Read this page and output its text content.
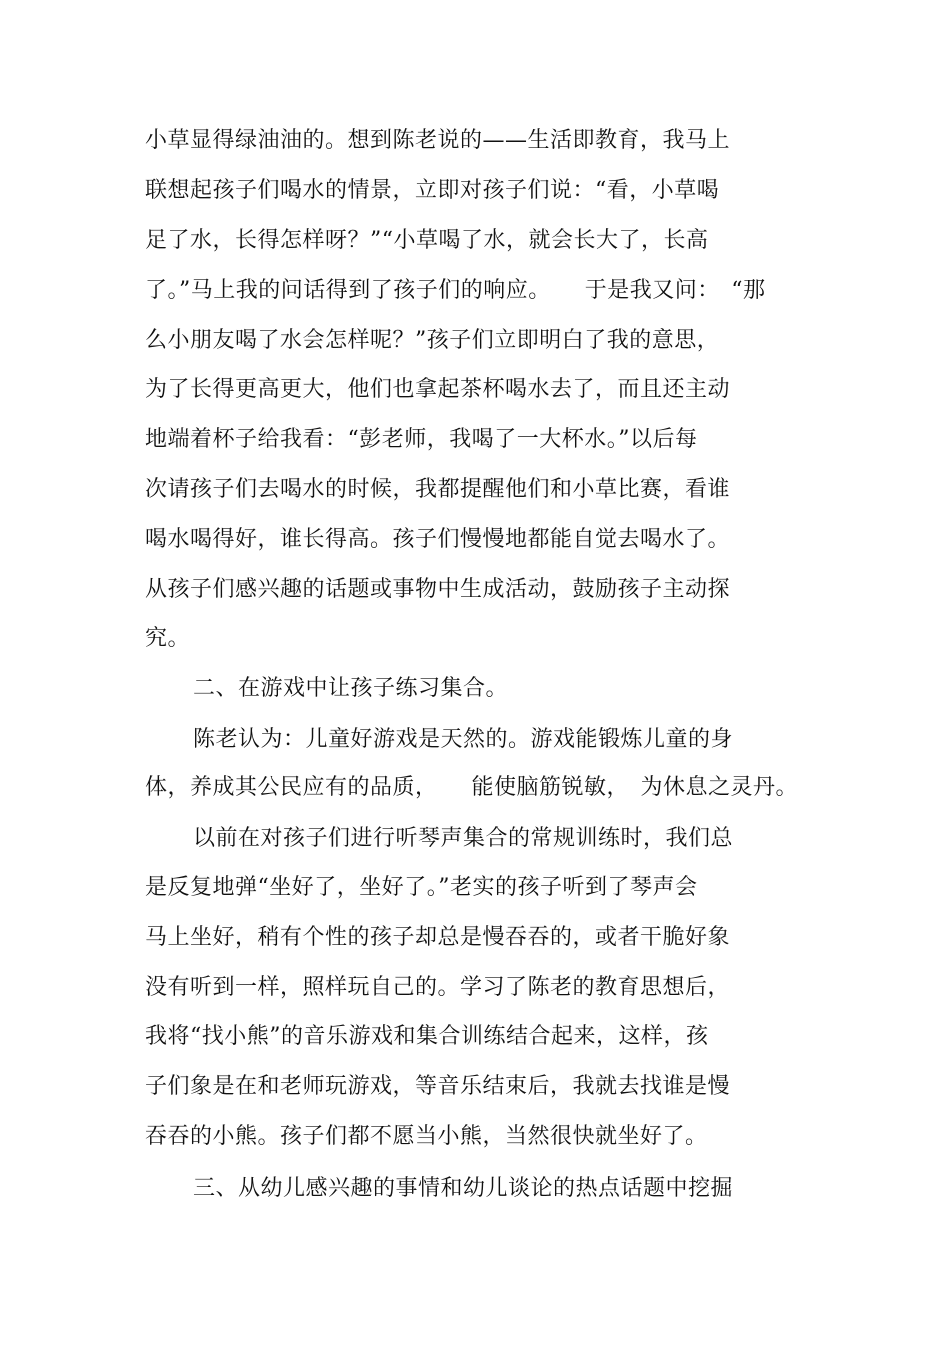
小草显得绿油油的。想到陈老说的——生活即教育，我马上

联想起孩子们喝水的情景，立即对孩子们说：“看，小草喝

足了水，长得怎样呀？”“小草喝了水，就会长大了，长高

了。”马上我的问话得到了孩子们的响应。　　于是我又问：　“那

么小朋友喝了水会怎样呢？”孩子们立即明白了我的意思，

为了长得更高更大，他们也拿起茶杯喝水去了，而且还主动

地端着杯子给我看：“彭老师，我喝了一大杯水。”以后每

次请孩子们去喝水的时候，我都提醒他们和小草比赛，看谁

喝水喝得好，谁长得高。孩子们慢慢地都能自觉去喝水了。

从孩子们感兴趣的话题或事物中生成活动，鼓励孩子主动探

究。

二、在游戏中让孩子练习集合。

陈老认为：儿童好游戏是天然的。游戏能锻炼儿童的身

体，养成其公民应有的品质，　　能使脑筋锐敏，　为休息之灵丹。

以前在对孩子们进行听琴声集合的常规训练时，我们总

是反复地弹“坐好了，坐好了。”老实的孩子听到了琴声会

马上坐好，稍有个性的孩子却总是慢吞吞的，或者干脆好象

没有听到一样，照样玩自己的。学习了陈老的教育思想后，

我将“找小熊”的音乐游戏和集合训练结合起来，这样，孩

子们象是在和老师玩游戏，等音乐结束后，我就去找谁是慢

吞吞的小熊。孩子们都不愿当小熊，当然很快就坐好了。

三、从幼儿感兴趣的事情和幼儿谈论的热点话题中挖掘
